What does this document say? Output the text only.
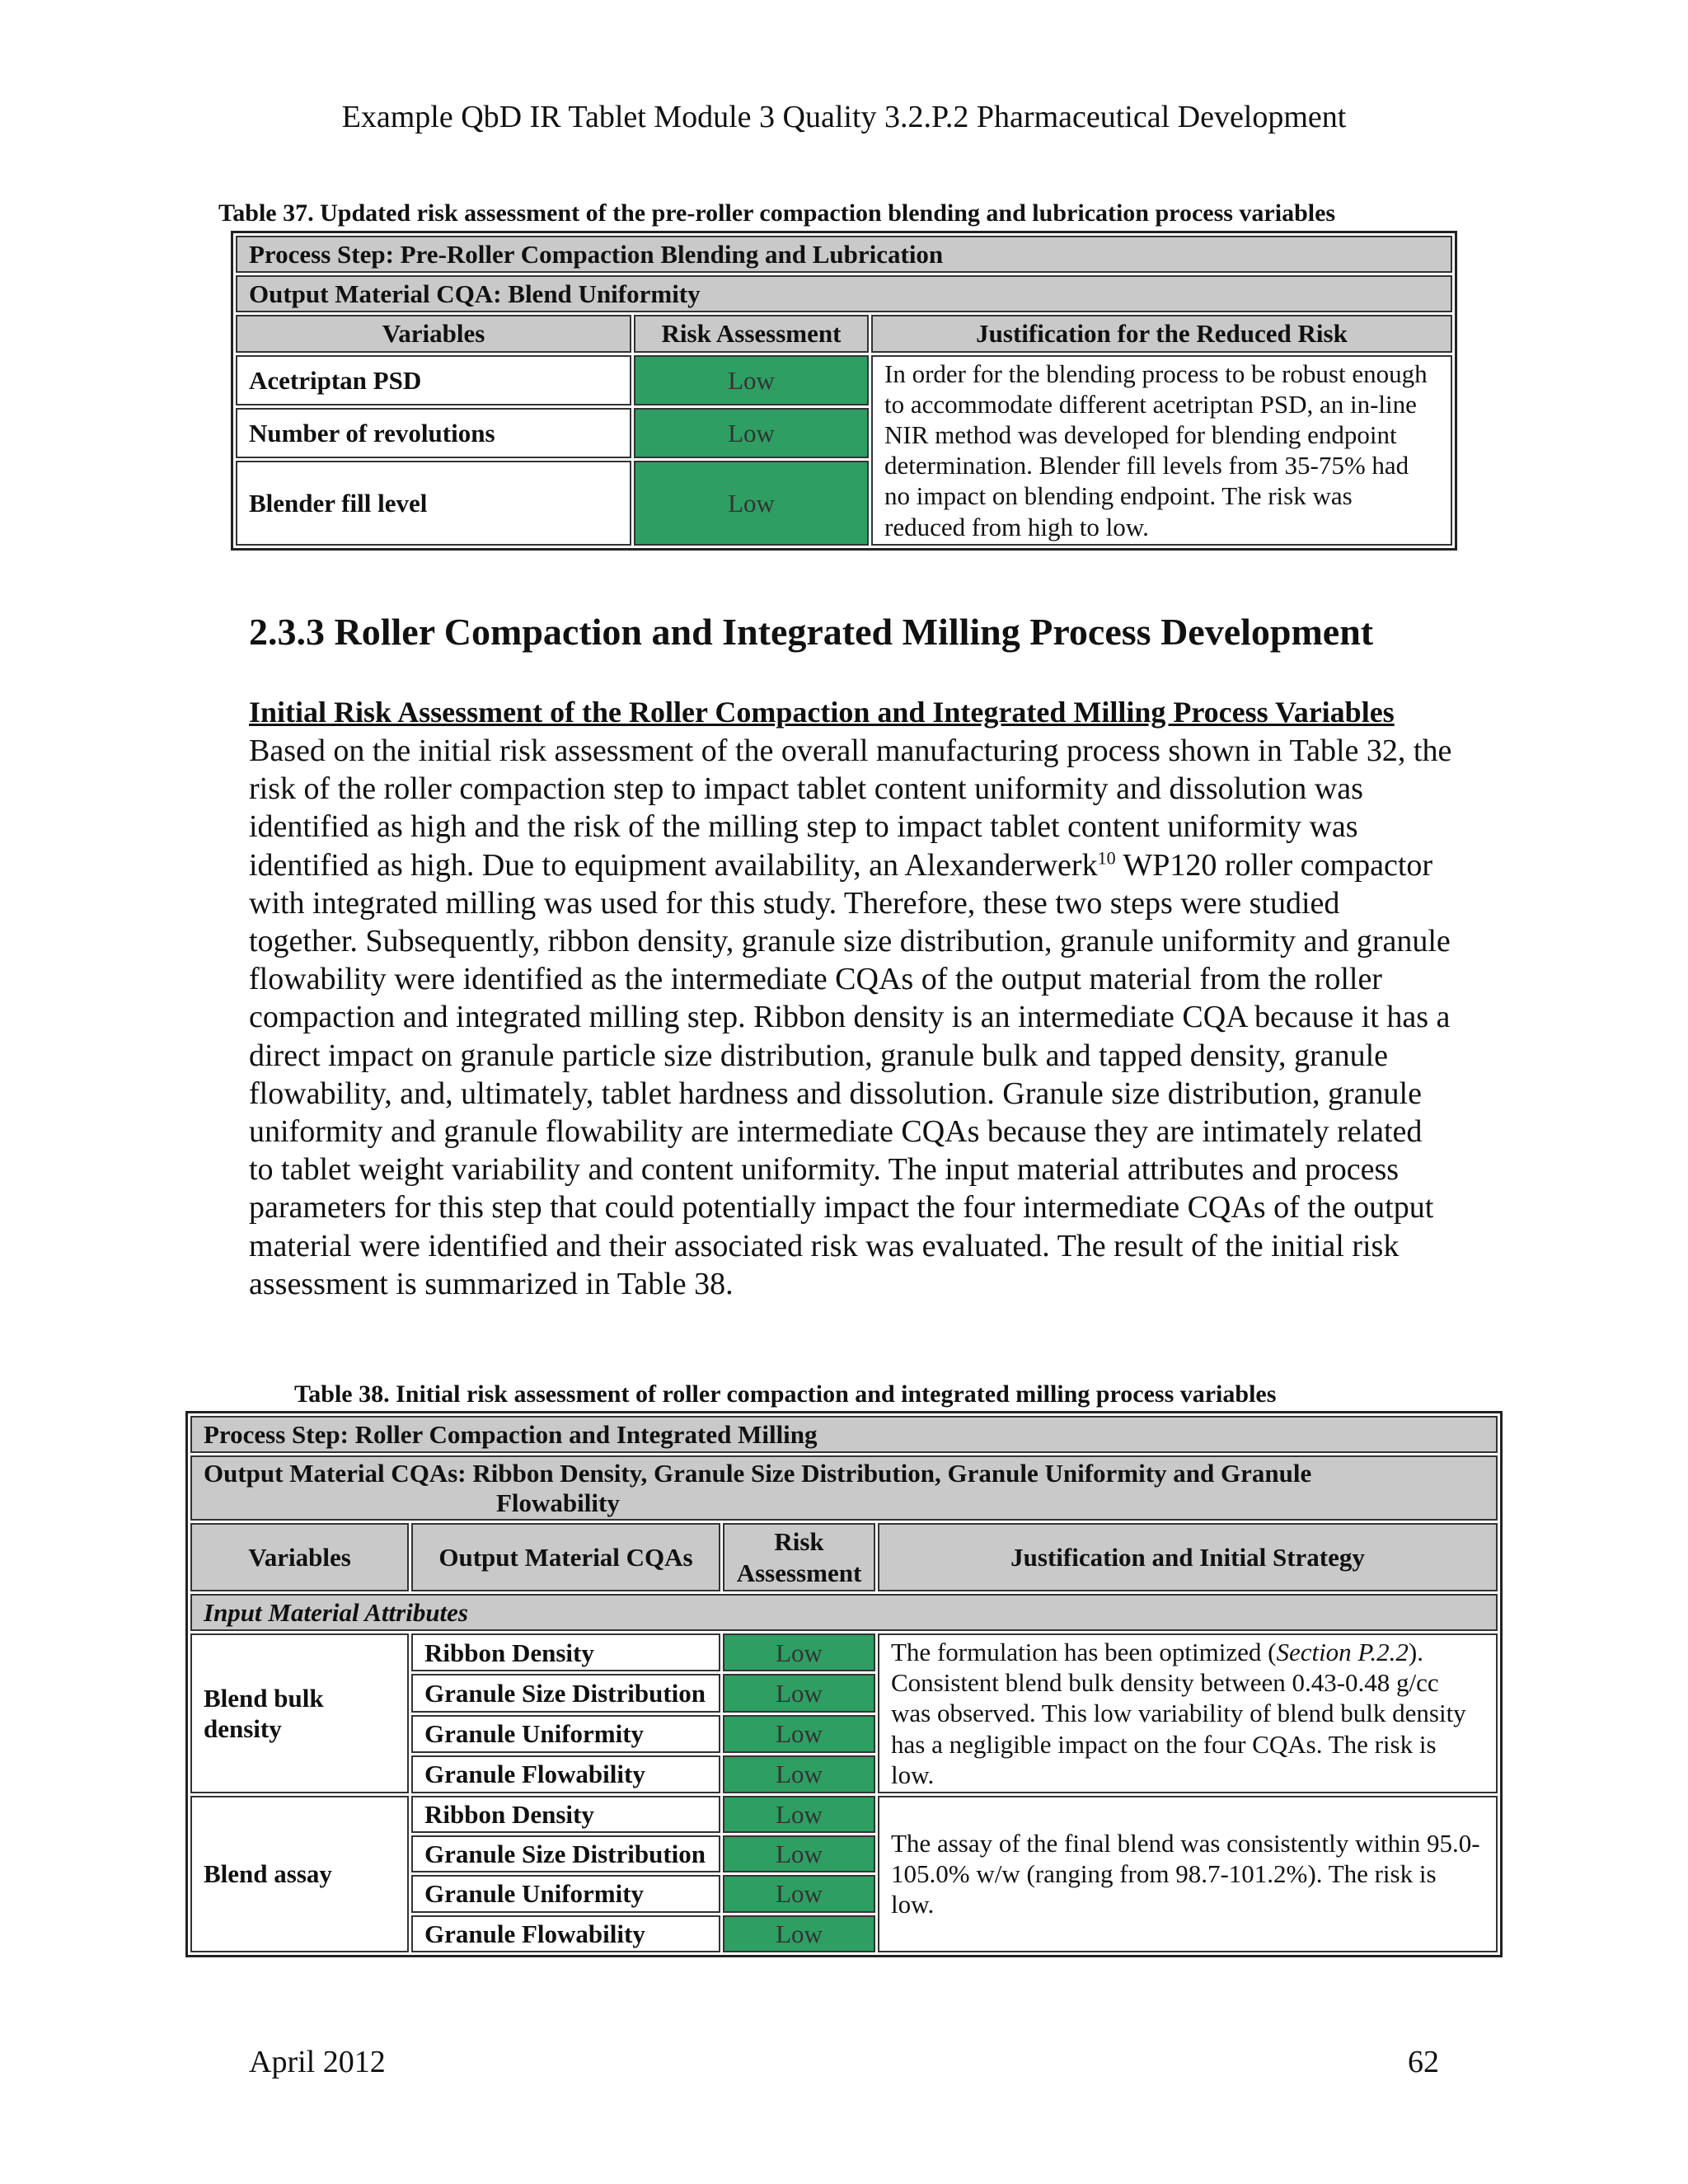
Example QbD IR Tablet Module 3 Quality 3.2.P.2 Pharmaceutical Development
Table 37. Updated risk assessment of the pre-roller compaction blending and lubrication process variables
Process Step: Pre-Roller Compaction Blending and Lubrication		
Output Material CQA: Blend Uniformity		
Variables	Risk Assessment	Justification for the Reduced Risk
Acetriptan PSD	Low	In order for the blending process to be robust enough to accommodate different acetriptan PSD, an in-line NIR method was developed for blending endpoint determination. Blender fill levels from 35-75% had no impact on blending endpoint. The risk was reduced from high to low.
Number of revolutions	Low	
Blender fill level	Low	
2.3.3 Roller Compaction and Integrated Milling Process Development
Initial Risk Assessment of the Roller Compaction and Integrated Milling Process Variables
Based on the initial risk assessment of the overall manufacturing process shown in Table 32, the risk of the roller compaction step to impact tablet content uniformity and dissolution was identified as high and the risk of the milling step to impact tablet content uniformity was identified as high. Due to equipment availability, an Alexanderwerk$^{10}$ WP120 roller compactor with integrated milling was used for this study. Therefore, these two steps were studied together. Subsequently, ribbon density, granule size distribution, granule uniformity and granule flowability were identified as the intermediate CQAs of the output material from the roller compaction and integrated milling step. Ribbon density is an intermediate CQA because it has a direct impact on granule particle size distribution, granule bulk and tapped density, granule flowability, and, ultimately, tablet hardness and dissolution. Granule size distribution, granule uniformity and granule flowability are intermediate CQAs because they are intimately related to tablet weight variability and content uniformity. The input material attributes and process parameters for this step that could potentially impact the four intermediate CQAs of the output material were identified and their associated risk was evaluated. The result of the initial risk assessment is summarized in Table 38.
Table 38. Initial risk assessment of roller compaction and integrated milling process variables
Process Step: Roller Compaction and Integrated Milling			

Output Material CQAs: Ribbon Density, Granule Size Distribution, Granule Uniformity and Granule
Flowability			

Variables	Output Material CQAs	Risk Assessment	Justification and Initial Strategy
Input Material Attributes			
Blend bulk density	Ribbon Density	Low	The formulation has been optimized (Section P.2.2). Consistent blend bulk density between 0.43-0.48 g/cc was observed. This low variability of blend bulk density has a negligible impact on the four CQAs. The risk is low.
	Granule Size Distribution	Low	
	Granule Uniformity	Low	
	Granule Flowability	Low	
Blend assay	Ribbon Density	Low	The assay of the final blend was consistently within 95.0-105.0% w/w (ranging from 98.7-101.2%). The risk is low.
	Granule Size Distribution	Low	
	Granule Uniformity	Low	
	Granule Flowability	Low	
April 2012	62
